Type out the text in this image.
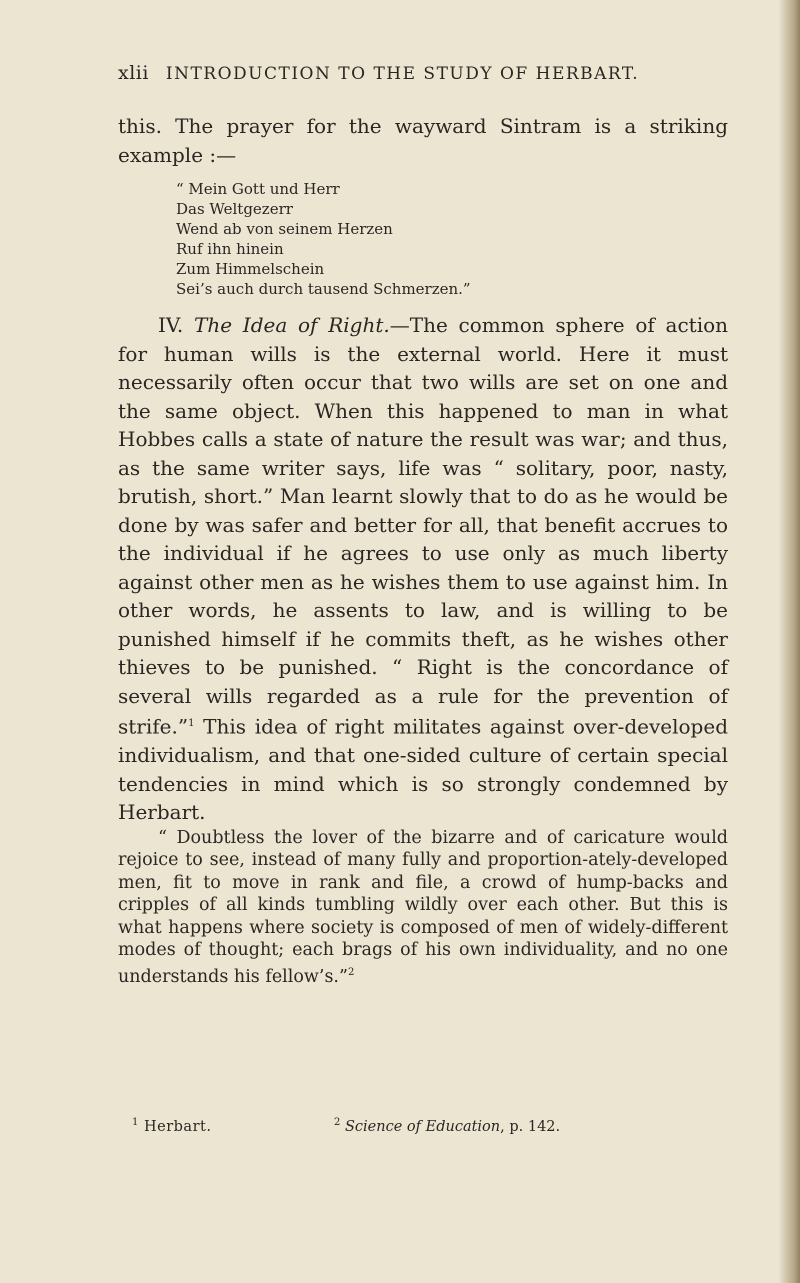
xlii INTRODUCTION TO THE STUDY OF HERBART.

this. The prayer for the wayward Sintram is a striking example :—

“ Mein Gott und Herr
Das Weltgezerr
Wend ab von seinem Herzen
Ruf ihn hinein
Zum Himmelschein
Sei’s auch durch tausend Schmerzen.”

IV. The Idea of Right.—The common sphere of action for human wills is the external world. Here it must necessarily often occur that two wills are set on one and the same object. When this happened to man in what Hobbes calls a state of nature the result was war; and thus, as the same writer says, life was “ solitary, poor, nasty, brutish, short.” Man learnt slowly that to do as he would be done by was safer and better for all, that benefit accrues to the individual if he agrees to use only as much liberty against other men as he wishes them to use against him. In other words, he assents to law, and is willing to be punished himself if he commits theft, as he wishes other thieves to be punished. “ Right is the concordance of several wills regarded as a rule for the prevention of strife.”$^1$ This idea of right militates against over-developed individualism, and that one-sided culture of certain special tendencies in mind which is so strongly condemned by Herbart.

“ Doubtless the lover of the bizarre and of caricature would rejoice to see, instead of many fully and proportion-ately-developed men, fit to move in rank and file, a crowd of hump-backs and cripples of all kinds tumbling wildly over each other. But this is what happens where society is composed of men of widely-different modes of thought; each brags of his own individuality, and no one understands his fellow’s.”$^2$

$^1$ Herbart.	$^2$ Science of Education, p. 142.
